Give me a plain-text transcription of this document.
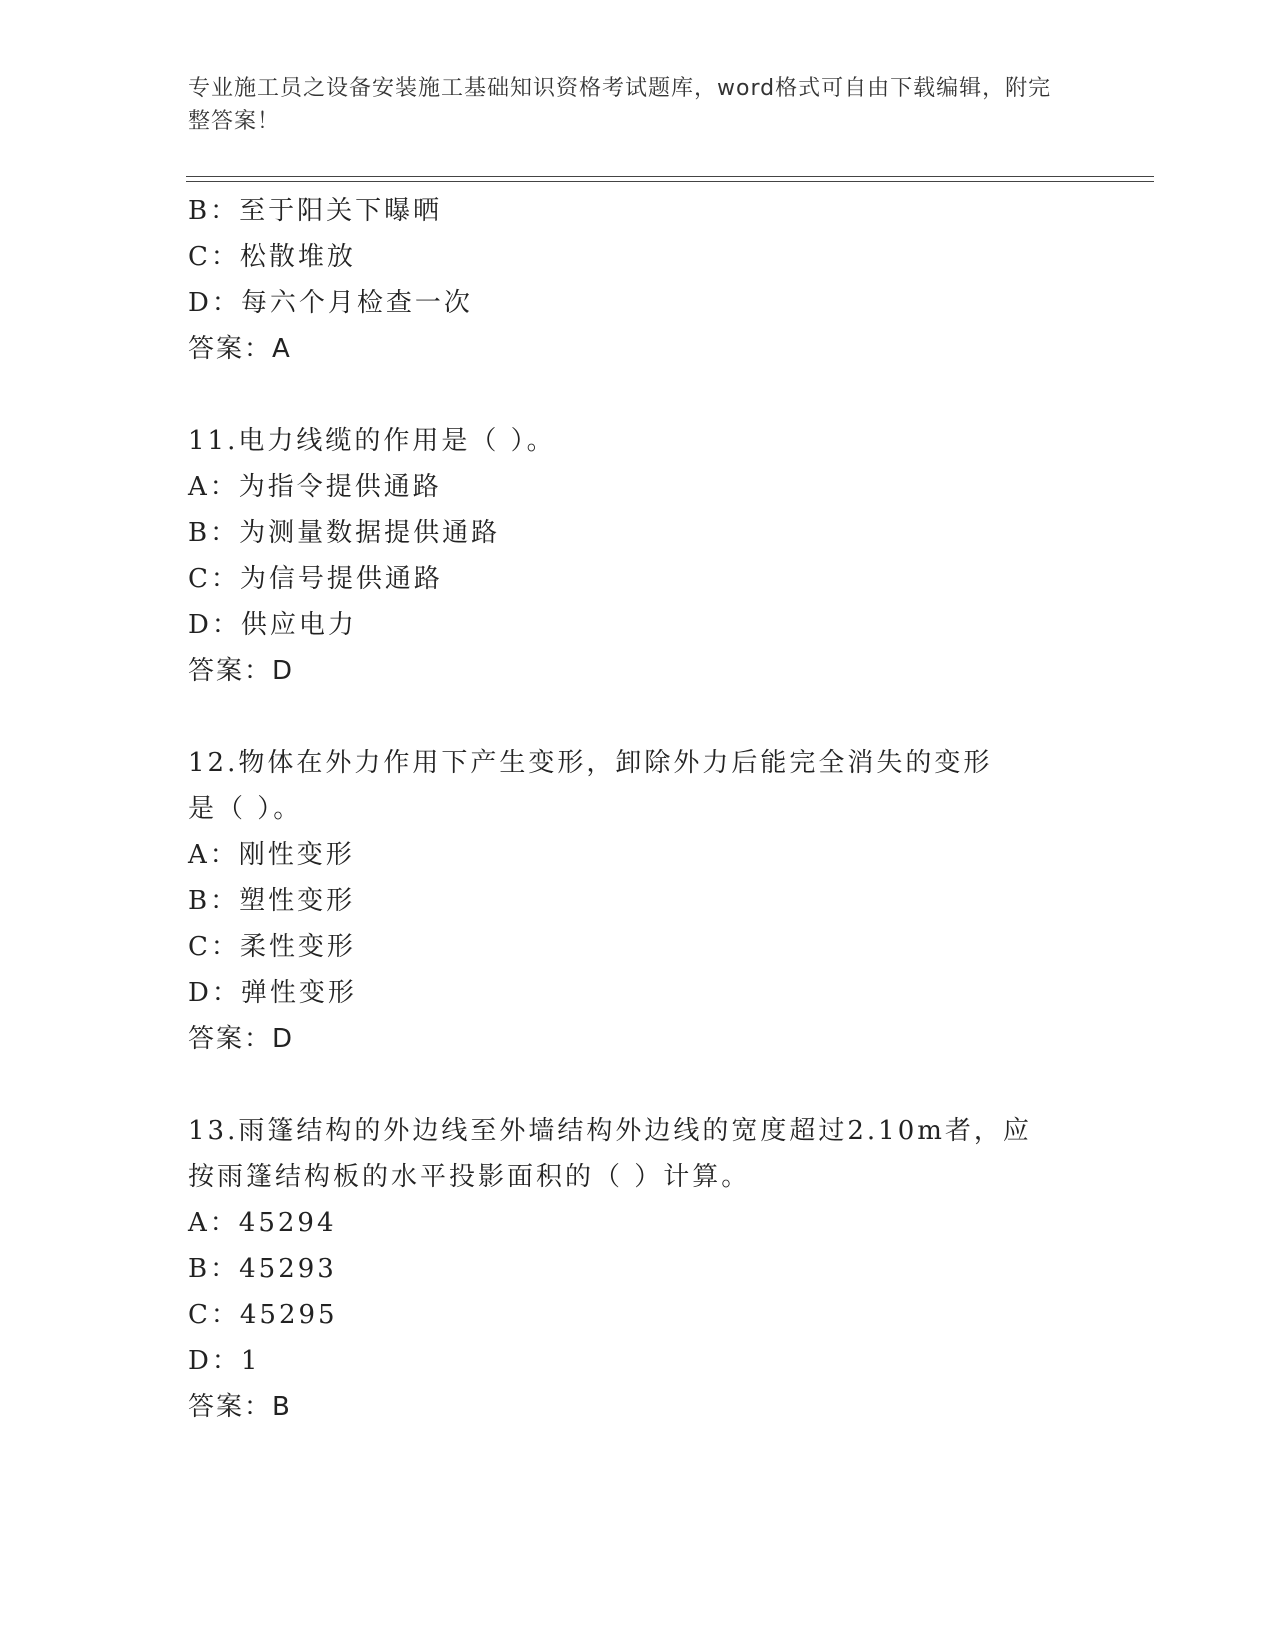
专业施工员之设备安装施工基础知识资格考试题库，word格式可自由下载编辑，附完整答案！
B：至于阳关下曝晒
C：松散堆放
D：每六个月检查一次
答案：A
11.电力线缆的作用是（ ）。
A：为指令提供通路
B：为测量数据提供通路
C：为信号提供通路
D：供应电力
答案：D
12.物体在外力作用下产生变形，卸除外力后能完全消失的变形是（ ）。
A：刚性变形
B：塑性变形
C：柔性变形
D：弹性变形
答案：D
13.雨篷结构的外边线至外墙结构外边线的宽度超过2.10m者，应按雨篷结构板的水平投影面积的（ ）计算。
A：45294
B：45293
C：45295
D：1
答案：B
